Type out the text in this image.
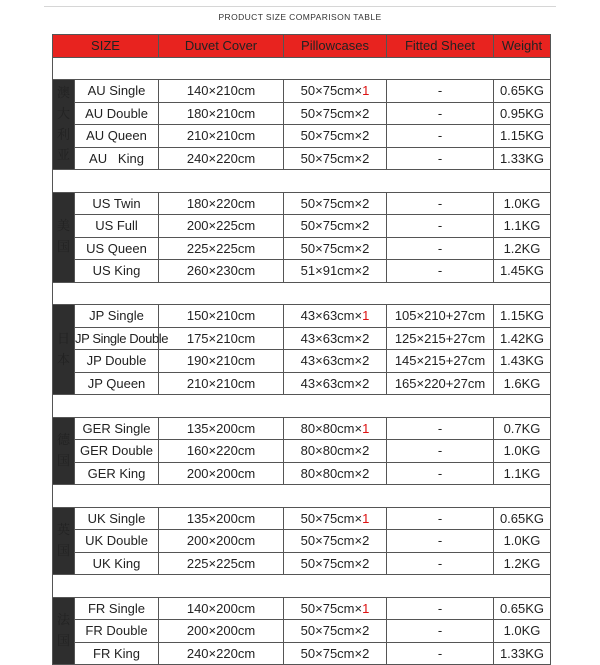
PRODUCT SIZE COMPARISON TABLE
SIZE		Duvet Cover	Pillowcases	Fitted Sheet	Weight

澳
大
利
亚	AU Single	140×210cm	50×75cm×1	-	0.65KG
	AU Double	180×210cm	50×75cm×2	-	0.95KG
	AU Queen	210×210cm	50×75cm×2	-	1.15KG
	AU   King	240×220cm	50×75cm×2	-	1.33KG

美
国	US Twin	180×220cm	50×75cm×2	-	1.0KG
	US Full	200×225cm	50×75cm×2	-	1.1KG
	US Queen	225×225cm	50×75cm×2	-	1.2KG
	US King	260×230cm	51×91cm×2	-	1.45KG

日
本	JP Single	150×210cm	43×63cm×1	105×210+27cm	1.15KG
	JP Single Double	175×210cm	43×63cm×2	125×215+27cm	1.42KG
	JP Double	190×210cm	43×63cm×2	145×215+27cm	1.43KG
	JP Queen	210×210cm	43×63cm×2	165×220+27cm	1.6KG

德
国	GER Single	135×200cm	80×80cm×1	-	0.7KG
	GER Double	160×220cm	80×80cm×2	-	1.0KG
	GER King	200×200cm	80×80cm×2	-	1.1KG

英
国	UK Single	135×200cm	50×75cm×1	-	0.65KG
	UK Double	200×200cm	50×75cm×2	-	1.0KG
	UK King	225×225cm	50×75cm×2	-	1.2KG

法
国	FR Single	140×200cm	50×75cm×1	-	0.65KG
	FR Double	200×200cm	50×75cm×2	-	1.0KG
	FR King	240×220cm	50×75cm×2	-	1.33KG
